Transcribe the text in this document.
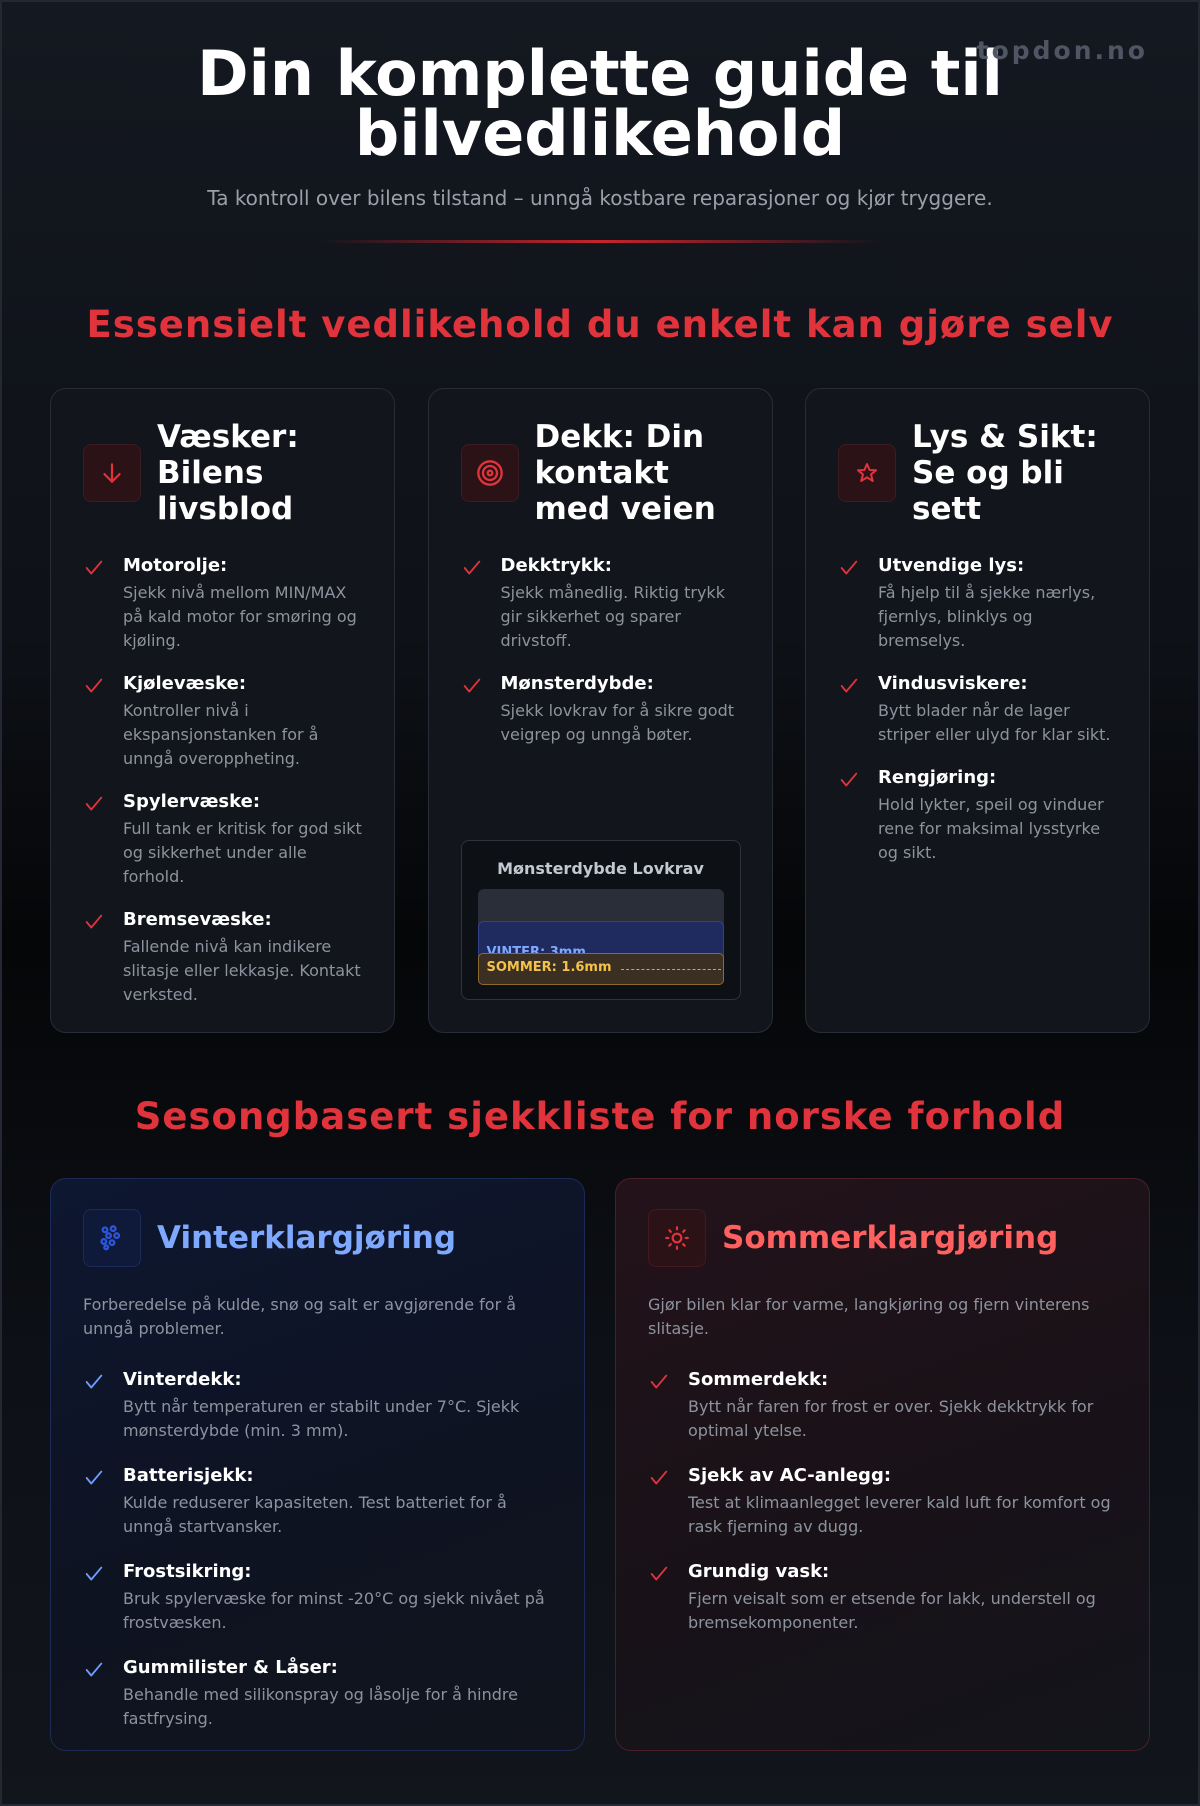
topdon.no
Din komplette guide til bilvedlikehold

Ta kontroll over bilens tilstand – unngå kostbare reparasjoner og kjør tryggere.

Essensielt vedlikehold du enkelt kan gjøre selv
Væsker: Bilens livsblod
Motorolje:
Sjekk nivå mellom MIN/MAX på kald motor for smøring og kjøling.
Kjølevæske:
Kontroller nivå i ekspansjonstanken for å unngå overoppheting.
Spylervæske:
Full tank er kritisk for god sikt og sikkerhet under alle forhold.
Bremsevæske:
Fallende nivå kan indikere slitasje eller lekkasje. Kontakt verksted.
Dekk: Din kontakt med veien
Dekktrykk:
Sjekk månedlig. Riktig trykk gir sikkerhet og sparer drivstoff.
Mønsterdybde:
Sjekk lovkrav for å sikre godt veigrep og unngå bøter.
Mønsterdybde Lovkrav
SOMMER: 1.6mm
Lys & Sikt: Se og bli sett
Utvendige lys:
Få hjelp til å sjekke nærlys, fjernlys, blinklys og bremselys.
Vindusviskere:
Bytt blader når de lager striper eller ulyd for klar sikt.
Rengjøring:
Hold lykter, speil og vinduer rene for maksimal lysstyrke og sikt.
Sesongbasert sjekkliste for norske forhold
Vinterklargjøring

Forberedelse på kulde, snø og salt er avgjørende for å unngå problemer.

Vinterdekk:
Bytt når temperaturen er stabilt under 7°C. Sjekk mønsterdybde (min. 3 mm).
Batterisjekk:
Kulde reduserer kapasiteten. Test batteriet for å unngå startvansker.
Frostsikring:
Bruk spylervæske for minst -20°C og sjekk nivået på frostvæsken.
Gummilister & Låser:
Behandle med silikonspray og låsolje for å hindre fastfrysing.
Sommerklargjøring

Gjør bilen klar for varme, langkjøring og fjern vinterens slitasje.

Sommerdekk:
Bytt når faren for frost er over. Sjekk dekktrykk for optimal ytelse.
Sjekk av AC-anlegg:
Test at klimaanlegget leverer kald luft for komfort og rask fjerning av dugg.
Grundig vask:
Fjern veisalt som er etsende for lakk, understell og bremsekomponenter.
